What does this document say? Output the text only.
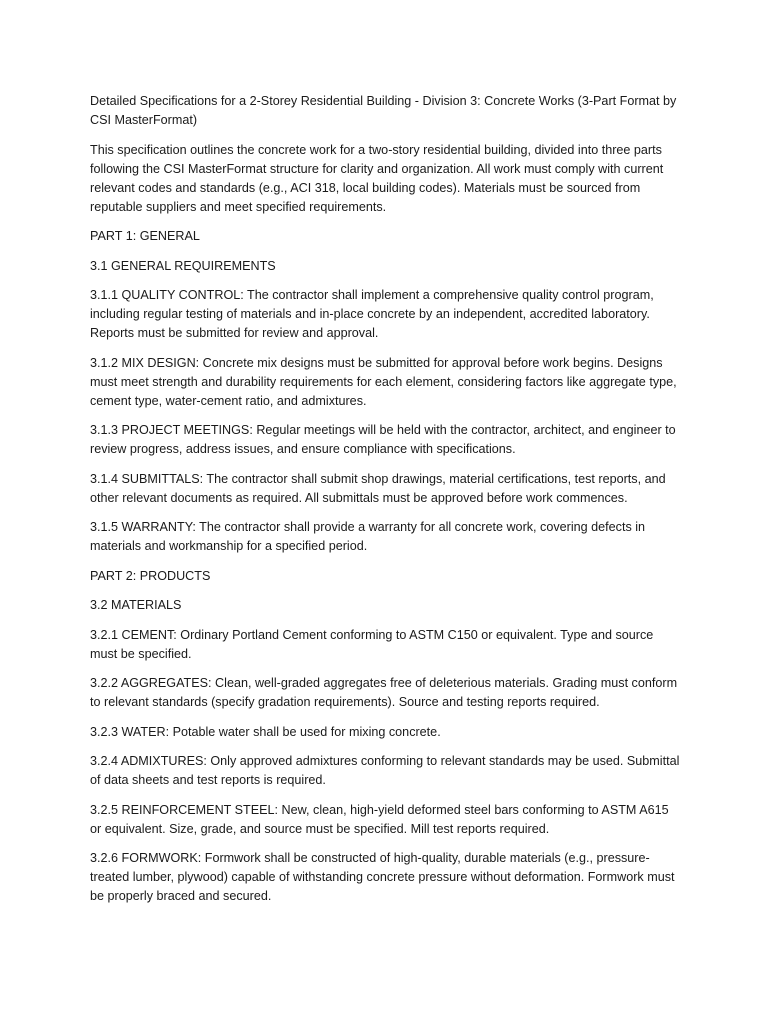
Detailed Specifications for a 2-Storey Residential Building - Division 3: Concrete Works (3-Part Format by CSI MasterFormat)

This specification outlines the concrete work for a two-story residential building, divided into three parts following the CSI MasterFormat structure for clarity and organization. All work must comply with current relevant codes and standards (e.g., ACI 318, local building codes). Materials must be sourced from reputable suppliers and meet specified requirements.

PART 1: GENERAL

3.1 GENERAL REQUIREMENTS

3.1.1 QUALITY CONTROL: The contractor shall implement a comprehensive quality control program, including regular testing of materials and in-place concrete by an independent, accredited laboratory. Reports must be submitted for review and approval.

3.1.2 MIX DESIGN: Concrete mix designs must be submitted for approval before work begins. Designs must meet strength and durability requirements for each element, considering factors like aggregate type, cement type, water-cement ratio, and admixtures.

3.1.3 PROJECT MEETINGS: Regular meetings will be held with the contractor, architect, and engineer to review progress, address issues, and ensure compliance with specifications.

3.1.4 SUBMITTALS: The contractor shall submit shop drawings, material certifications, test reports, and other relevant documents as required. All submittals must be approved before work commences.

3.1.5 WARRANTY: The contractor shall provide a warranty for all concrete work, covering defects in materials and workmanship for a specified period.

PART 2: PRODUCTS

3.2 MATERIALS

3.2.1 CEMENT: Ordinary Portland Cement conforming to ASTM C150 or equivalent. Type and source must be specified.

3.2.2 AGGREGATES: Clean, well-graded aggregates free of deleterious materials. Grading must conform to relevant standards (specify gradation requirements). Source and testing reports required.

3.2.3 WATER: Potable water shall be used for mixing concrete.

3.2.4 ADMIXTURES: Only approved admixtures conforming to relevant standards may be used. Submittal of data sheets and test reports is required.

3.2.5 REINFORCEMENT STEEL: New, clean, high-yield deformed steel bars conforming to ASTM A615 or equivalent. Size, grade, and source must be specified. Mill test reports required.

3.2.6 FORMWORK: Formwork shall be constructed of high-quality, durable materials (e.g., pressure-treated lumber, plywood) capable of withstanding concrete pressure without deformation. Formwork must be properly braced and secured.
